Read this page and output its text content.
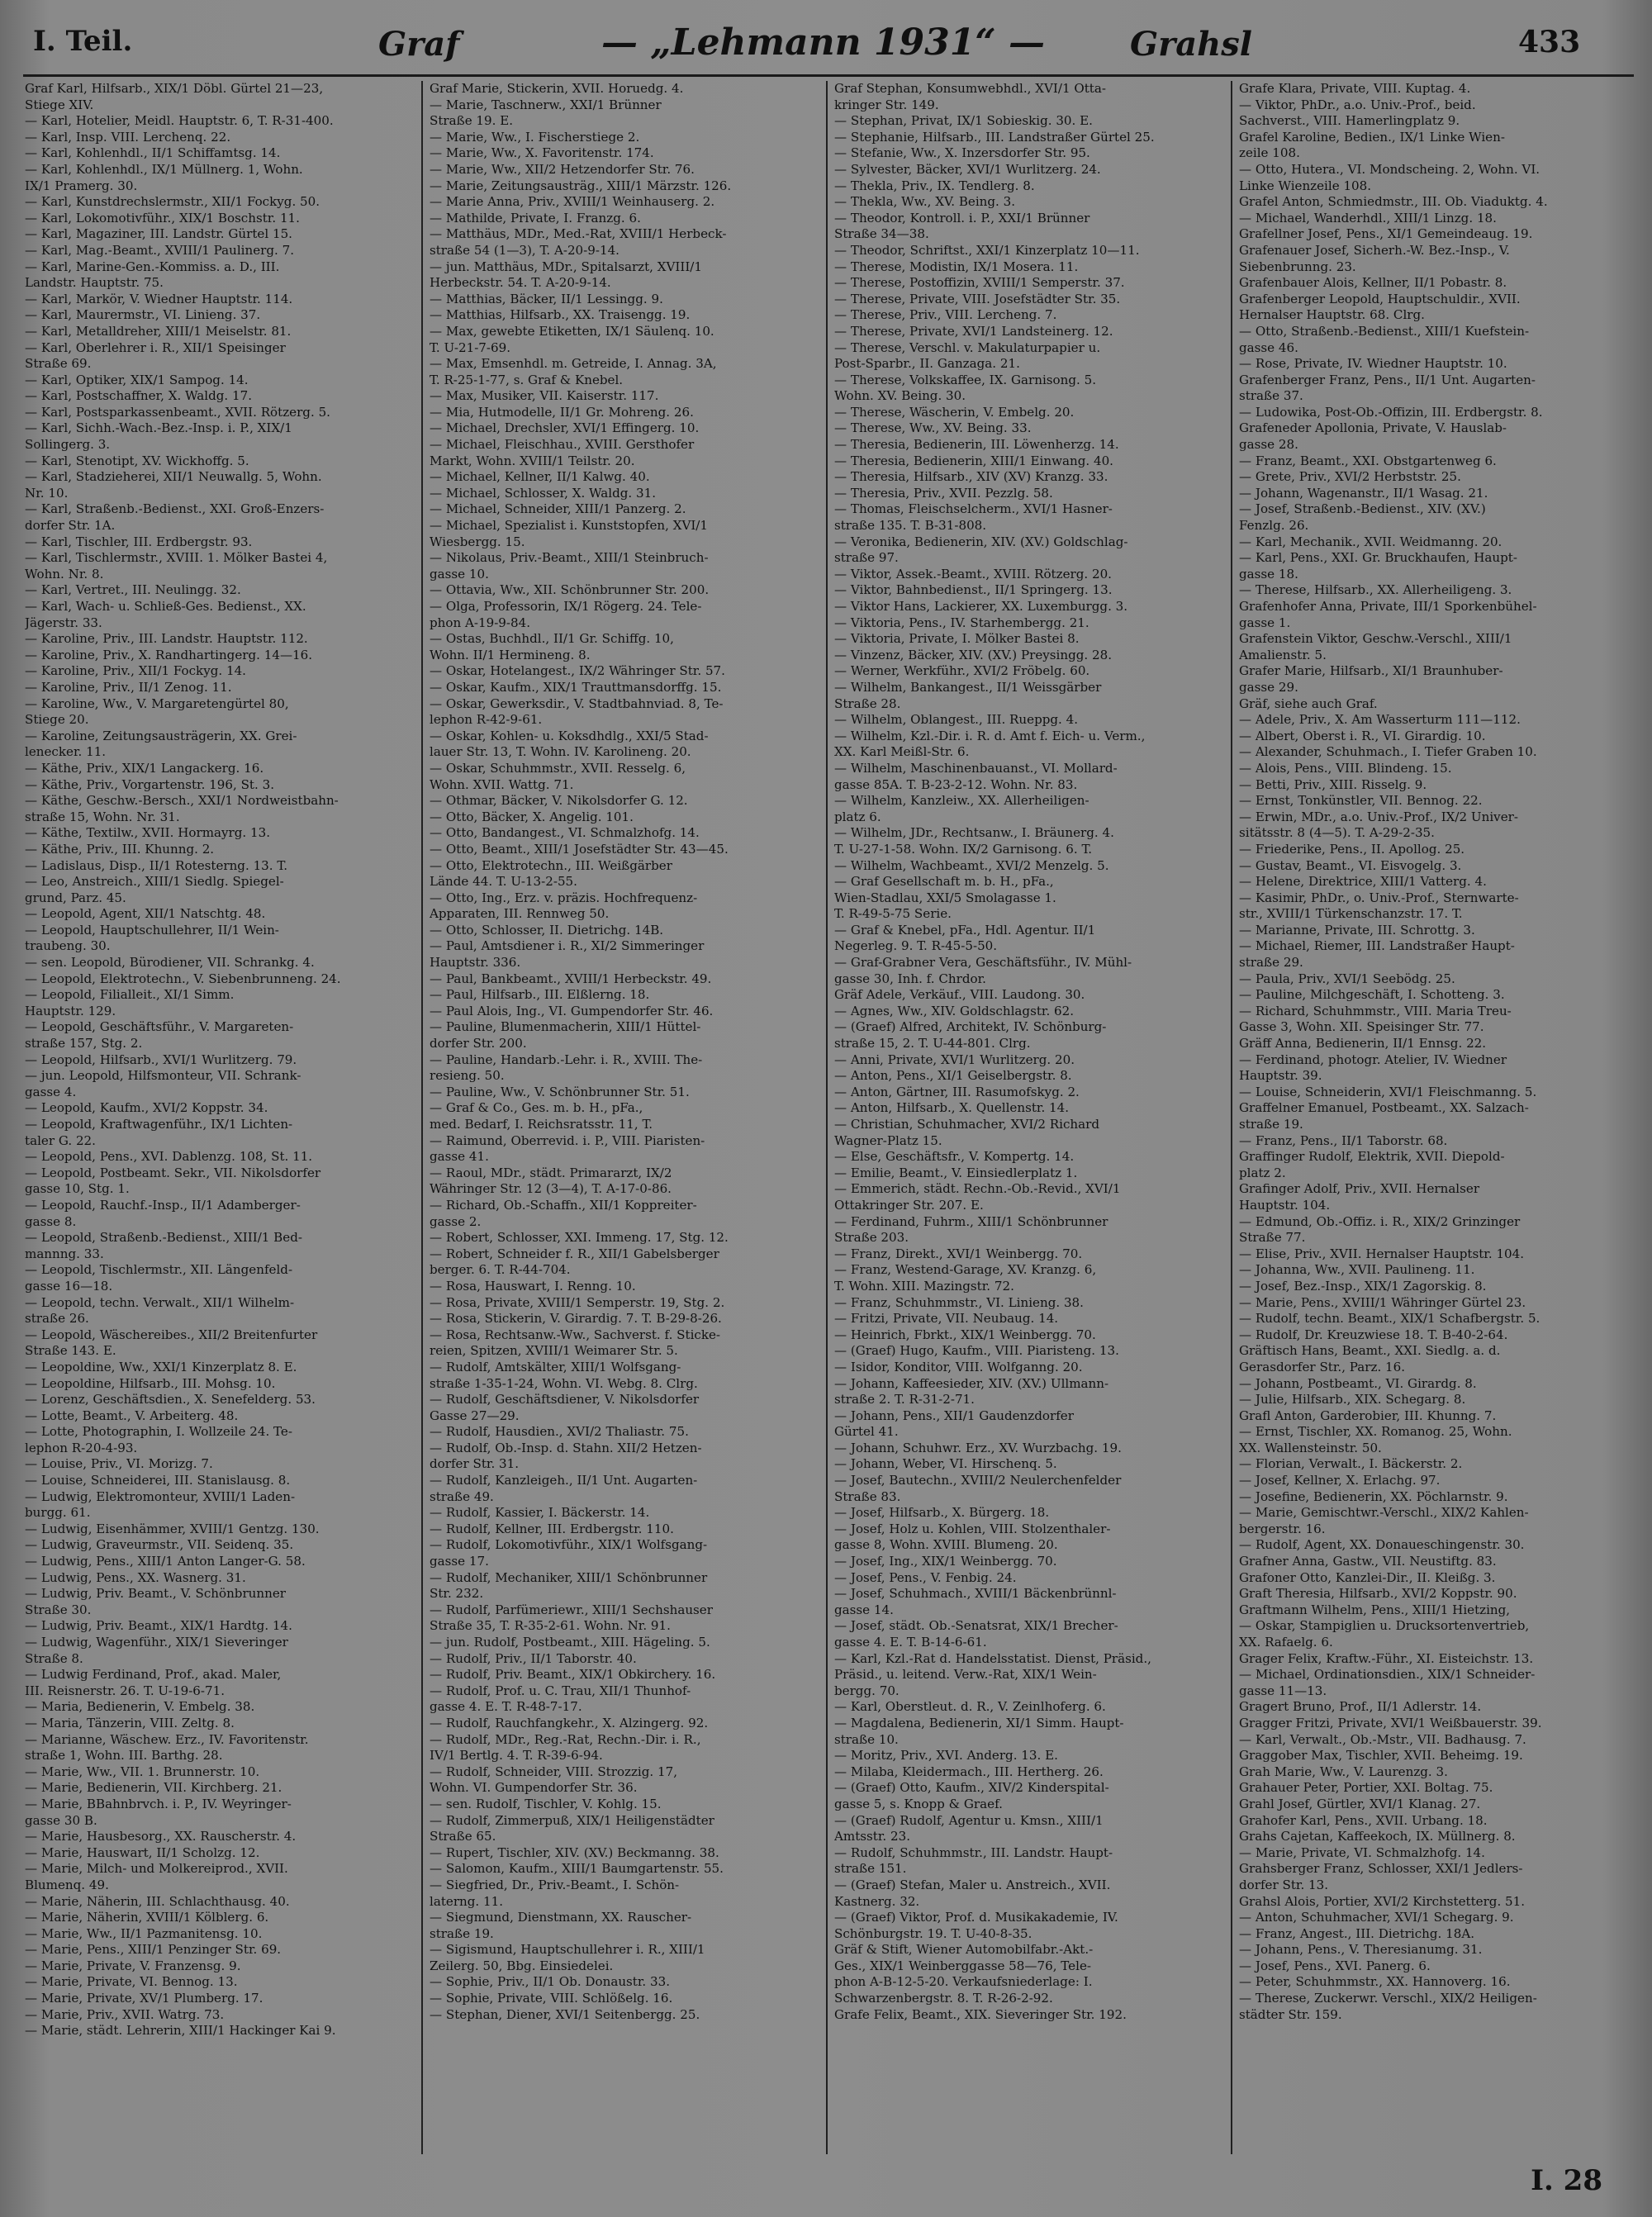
I. Teil.	Graf	— „Lehmann 1931“ —	Grahsl	433
Graf Karl, Hilfsarb., XIX/1 Döbl. Gürtel 21—23,
Stiege XIV.
— Karl, Hotelier, Meidl. Hauptstr. 6, T. R-31-400.
— Karl, Insp. VIII. Lerchenq. 22.
— Karl, Kohlenhdl., II/1 Schiffamtsg. 14.
— Karl, Kohlenhdl., IX/1 Müllnerg. 1, Wohn.
IX/1 Pramerg. 30.
— Karl, Kunstdrechslermstr., XII/1 Fockyg. 50.
— Karl, Lokomotivführ., XIX/1 Boschstr. 11.
— Karl, Magaziner, III. Landstr. Gürtel 15.
— Karl, Mag.-Beamt., XVIII/1 Paulinerg. 7.
— Karl, Marine-Gen.-Kommiss. a. D., III.
Landstr. Hauptstr. 75.
— Karl, Markör, V. Wiedner Hauptstr. 114.
— Karl, Maurermstr., VI. Linieng. 37.
— Karl, Metalldreher, XIII/1 Meiselstr. 81.
— Karl, Oberlehrer i. R., XII/1 Speisinger
Straße 69.
— Karl, Optiker, XIX/1 Sampog. 14.
— Karl, Postschaffner, X. Waldg. 17.
— Karl, Postsparkassenbeamt., XVII. Rötzerg. 5.
— Karl, Sichh.-Wach.-Bez.-Insp. i. P., XIX/1
Sollingerg. 3.
— Karl, Stenotipt, XV. Wickhoffg. 5.
— Karl, Stadzieherei, XII/1 Neuwallg. 5, Wohn.
Nr. 10.
— Karl, Straßenb.-Bedienst., XXI. Groß-Enzers-
dorfer Str. 1A.
— Karl, Tischler, III. Erdbergstr. 93.
— Karl, Tischlermstr., XVIII. 1. Mölker Bastei 4,
Wohn. Nr. 8.
— Karl, Vertret., III. Neulingg. 32.
— Karl, Wach- u. Schließ-Ges. Bedienst., XX.
Jägerstr. 33.
— Karoline, Priv., III. Landstr. Hauptstr. 112.
— Karoline, Priv., X. Randhartingerg. 14—16.
— Karoline, Priv., XII/1 Fockyg. 14.
— Karoline, Priv., II/1 Zenog. 11.
— Karoline, Ww., V. Margaretengürtel 80,
Stiege 20.
— Karoline, Zeitungsausträgerin, XX. Grei-
lenecker. 11.
— Käthe, Priv., XIX/1 Langackerg. 16.
— Käthe, Priv., Vorgartenstr. 196, St. 3.
— Käthe, Geschw.-Bersch., XXI/1 Nordweistbahn-
straße 15, Wohn. Nr. 31.
— Käthe, Textilw., XVII. Hormayrg. 13.
— Käthe, Priv., III. Khunng. 2.
— Ladislaus, Disp., II/1 Rotesterng. 13. T.
— Leo, Anstreich., XIII/1 Siedlg. Spiegel-
grund, Parz. 45.
— Leopold, Agent, XII/1 Natschtg. 48.
— Leopold, Hauptschullehrer, II/1 Wein-
traubeng. 30.
— sen. Leopold, Bürodiener, VII. Schrankg. 4.
— Leopold, Elektrotechn., V. Siebenbrunneng. 24.
— Leopold, Filialleit., XI/1 Simm.
Hauptstr. 129.
— Leopold, Geschäftsführ., V. Margareten-
straße 157, Stg. 2.
— Leopold, Hilfsarb., XVI/1 Wurlitzerg. 79.
— jun. Leopold, Hilfsmonteur, VII. Schrank-
gasse 4.
— Leopold, Kaufm., XVI/2 Koppstr. 34.
— Leopold, Kraftwagenführ., IX/1 Lichten-
taler G. 22.
— Leopold, Pens., XVI. Dablenzg. 108, St. 11.
— Leopold, Postbeamt. Sekr., VII. Nikolsdorfer
gasse 10, Stg. 1.
— Leopold, Rauchf.-Insp., II/1 Adamberger-
gasse 8.
— Leopold, Straßenb.-Bedienst., XIII/1 Bed-
mannng. 33.
— Leopold, Tischlermstr., XII. Längenfeld-
gasse 16—18.
— Leopold, techn. Verwalt., XII/1 Wilhelm-
straße 26.
— Leopold, Wäschereibes., XII/2 Breitenfurter
Straße 143. E.
— Leopoldine, Ww., XXI/1 Kinzerplatz 8. E.
— Leopoldine, Hilfsarb., III. Mohsg. 10.
— Lorenz, Geschäftsdien., X. Senefelderg. 53.
— Lotte, Beamt., V. Arbeiterg. 48.
— Lotte, Photographin, I. Wollzeile 24. Te-
lephon R-20-4-93.
— Louise, Priv., VI. Morizg. 7.
— Louise, Schneiderei, III. Stanislausg. 8.
— Ludwig, Elektromonteur, XVIII/1 Laden-
burgg. 61.
— Ludwig, Eisenhämmer, XVIII/1 Gentzg. 130.
— Ludwig, Graveurmstr., VII. Seidenq. 35.
— Ludwig, Pens., XIII/1 Anton Langer-G. 58.
— Ludwig, Pens., XX. Wasnerg. 31.
— Ludwig, Priv. Beamt., V. Schönbrunner
Straße 30.
— Ludwig, Priv. Beamt., XIX/1 Hardtg. 14.
— Ludwig, Wagenführ., XIX/1 Sieveringer
Straße 8.
— Ludwig Ferdinand, Prof., akad. Maler,
III. Reisnerstr. 26. T. U-19-6-71.
— Maria, Bedienerin, V. Embelg. 38.
— Maria, Tänzerin, VIII. Zeltg. 8.
— Marianne, Wäschew. Erz., IV. Favoritenstr.
straße 1, Wohn. III. Barthg. 28.
— Marie, Ww., VII. 1. Brunnerstr. 10.
— Marie, Bedienerin, VII. Kirchberg. 21.
— Marie, BBahnbrvch. i. P., IV. Weyringer-
gasse 30 B.
— Marie, Hausbesorg., XX. Rauscherstr. 4.
— Marie, Hauswart, II/1 Scholzg. 12.
— Marie, Milch- und Molkereiprod., XVII.
Blumenq. 49.
— Marie, Näherin, III. Schlachthausg. 40.
— Marie, Näherin, XVIII/1 Kölblerg. 6.
— Marie, Ww., II/1 Pazmanitensg. 10.
— Marie, Pens., XIII/1 Penzinger Str. 69.
— Marie, Private, V. Franzensg. 9.
— Marie, Private, VI. Bennog. 13.
— Marie, Private, XV/1 Plumberg. 17.
— Marie, Priv., XVII. Watrg. 73.
— Marie, städt. Lehrerin, XIII/1 Hackinger Kai 9.
Graf Marie, Stickerin, XVII. Horuedg. 4.
— Marie, Taschnerw., XXI/1 Brünner
Straße 19. E.
— Marie, Ww., I. Fischerstiege 2.
— Marie, Ww., X. Favoritenstr. 174.
— Marie, Ww., XII/2 Hetzendorfer Str. 76.
— Marie, Zeitungsausträg., XIII/1 Märzstr. 126.
— Marie Anna, Priv., XVIII/1 Weinhauserg. 2.
— Mathilde, Private, I. Franzg. 6.
— Matthäus, MDr., Med.-Rat, XVIII/1 Herbeck-
straße 54 (1—3), T. A-20-9-14.
— jun. Matthäus, MDr., Spitalsarzt, XVIII/1
Herbeckstr. 54. T. A-20-9-14.
— Matthias, Bäcker, II/1 Lessingg. 9.
— Matthias, Hilfsarb., XX. Traisengg. 19.
— Max, gewebte Etiketten, IX/1 Säulenq. 10.
T. U-21-7-69.
— Max, Emsenhdl. m. Getreide, I. Annag. 3A,
T. R-25-1-77, s. Graf & Knebel.
— Max, Musiker, VII. Kaiserstr. 117.
— Mia, Hutmodelle, II/1 Gr. Mohreng. 26.
— Michael, Drechsler, XVI/1 Effingerg. 10.
— Michael, Fleischhau., XVIII. Gersthofer
Markt, Wohn. XVIII/1 Teilstr. 20.
— Michael, Kellner, II/1 Kalwg. 40.
— Michael, Schlosser, X. Waldg. 31.
— Michael, Schneider, XIII/1 Panzerg. 2.
— Michael, Spezialist i. Kunststopfen, XVI/1
Wiesbergg. 15.
— Nikolaus, Priv.-Beamt., XIII/1 Steinbruch-
gasse 10.
— Ottavia, Ww., XII. Schönbrunner Str. 200.
— Olga, Professorin, IX/1 Rögerg. 24. Tele-
phon A-19-9-84.
— Ostas, Buchhdl., II/1 Gr. Schiffg. 10,
Wohn. II/1 Hermineng. 8.
— Oskar, Hotelangest., IX/2 Währinger Str. 57.
— Oskar, Kaufm., XIX/1 Trauttmansdorffg. 15.
— Oskar, Gewerksdir., V. Stadtbahnviad. 8, Te-
lephon R-42-9-61.
— Oskar, Kohlen- u. Koksdhdlg., XXI/5 Stad-
lauer Str. 13, T. Wohn. IV. Karolineng. 20.
— Oskar, Schuhmmstr., XVII. Resselg. 6,
Wohn. XVII. Wattg. 71.
— Othmar, Bäcker, V. Nikolsdorfer G. 12.
— Otto, Bäcker, X. Angelig. 101.
— Otto, Bandangest., VI. Schmalzhofg. 14.
— Otto, Beamt., XIII/1 Josefstädter Str. 43—45.
— Otto, Elektrotechn., III. Weißgärber
Lände 44. T. U-13-2-55.
— Otto, Ing., Erz. v. präzis. Hochfrequenz-
Apparaten, III. Rennweg 50.
— Otto, Schlosser, II. Dietrichg. 14B.
— Paul, Amtsdiener i. R., XI/2 Simmeringer
Hauptstr. 336.
— Paul, Bankbeamt., XVIII/1 Herbeckstr. 49.
— Paul, Hilfsarb., III. Elßlerng. 18.
— Paul Alois, Ing., VI. Gumpendorfer Str. 46.
— Pauline, Blumenmacherin, XIII/1 Hüttel-
dorfer Str. 200.
— Pauline, Handarb.-Lehr. i. R., XVIII. The-
resieng. 50.
— Pauline, Ww., V. Schönbrunner Str. 51.
— Graf & Co., Ges. m. b. H., pFa.,
med. Bedarf, I. Reichsratsstr. 11, T.
— Raimund, Oberrevid. i. P., VIII. Piaristen-
gasse 41.
— Raoul, MDr., städt. Primararzt, IX/2
Währinger Str. 12 (3—4), T. A-17-0-86.
— Richard, Ob.-Schaffn., XII/1 Koppreiter-
gasse 2.
— Robert, Schlosser, XXI. Immeng. 17, Stg. 12.
— Robert, Schneider f. R., XII/1 Gabelsberger
berger. 6. T. R-44-704.
— Rosa, Hauswart, I. Renng. 10.
— Rosa, Private, XVIII/1 Semperstr. 19, Stg. 2.
— Rosa, Stickerin, V. Girardig. 7. T. B-29-8-26.
— Rosa, Rechtsanw.-Ww., Sachverst. f. Sticke-
reien, Spitzen, XVIII/1 Weimarer Str. 5.
— Rudolf, Amtskälter, XIII/1 Wolfsgang-
straße 1-35-1-24, Wohn. VI. Webg. 8. Clrg.
— Rudolf, Geschäftsdiener, V. Nikolsdorfer
Gasse 27—29.
— Rudolf, Hausdien., XVI/2 Thaliastr. 75.
— Rudolf, Ob.-Insp. d. Stahn. XII/2 Hetzen-
dorfer Str. 31.
— Rudolf, Kanzleigeh., II/1 Unt. Augarten-
straße 49.
— Rudolf, Kassier, I. Bäckerstr. 14.
— Rudolf, Kellner, III. Erdbergstr. 110.
— Rudolf, Lokomotivführ., XIX/1 Wolfsgang-
gasse 17.
— Rudolf, Mechaniker, XIII/1 Schönbrunner
Str. 232.
— Rudolf, Parfümeriewr., XIII/1 Sechshauser
Straße 35, T. R-35-2-61. Wohn. Nr. 91.
— jun. Rudolf, Postbeamt., XIII. Hägeling. 5.
— Rudolf, Priv., II/1 Taborstr. 40.
— Rudolf, Priv. Beamt., XIX/1 Obkirchery. 16.
— Rudolf, Prof. u. C. Trau, XII/1 Thunhof-
gasse 4. E. T. R-48-7-17.
— Rudolf, Rauchfangkehr., X. Alzingerg. 92.
— Rudolf, MDr., Reg.-Rat, Rechn.-Dir. i. R.,
IV/1 Bertlg. 4. T. R-39-6-94.
— Rudolf, Schneider, VIII. Strozzig. 17,
Wohn. VI. Gumpendorfer Str. 36.
— sen. Rudolf, Tischler, V. Kohlg. 15.
— Rudolf, Zimmerpuß, XIX/1 Heiligenstädter
Straße 65.
— Rupert, Tischler, XIV. (XV.) Beckmanng. 38.
— Salomon, Kaufm., XIII/1 Baumgartenstr. 55.
— Siegfried, Dr., Priv.-Beamt., I. Schön-
laterng. 11.
— Siegmund, Dienstmann, XX. Rauscher-
straße 19.
— Sigismund, Hauptschullehrer i. R., XIII/1
Zeilerg. 50, Bbg. Einsiedelei.
— Sophie, Priv., II/1 Ob. Donaustr. 33.
— Sophie, Private, VIII. Schlößelg. 16.
— Stephan, Diener, XVI/1 Seitenbergg. 25.
Graf Stephan, Konsumwebhdl., XVI/1 Otta-
kringer Str. 149.
— Stephan, Privat, IX/1 Sobieskig. 30. E.
— Stephanie, Hilfsarb., III. Landstraßer Gürtel 25.
— Stefanie, Ww., X. Inzersdorfer Str. 95.
— Sylvester, Bäcker, XVI/1 Wurlitzerg. 24.
— Thekla, Priv., IX. Tendlerg. 8.
— Thekla, Ww., XV. Being. 3.
— Theodor, Kontroll. i. P., XXI/1 Brünner
Straße 34—38.
— Theodor, Schriftst., XXI/1 Kinzerplatz 10—11.
— Therese, Modistin, IX/1 Mosera. 11.
— Therese, Postoffizin, XVIII/1 Semperstr. 37.
— Therese, Private, VIII. Josefstädter Str. 35.
— Therese, Priv., VIII. Lercheng. 7.
— Therese, Private, XVI/1 Landsteinerg. 12.
— Therese, Verschl. v. Makulaturpapier u.
Post-Sparbr., II. Ganzaga. 21.
— Therese, Volkskaffee, IX. Garnisong. 5.
Wohn. XV. Being. 30.
— Therese, Wäscherin, V. Embelg. 20.
— Therese, Ww., XV. Being. 33.
— Theresia, Bedienerin, III. Löwenherzg. 14.
— Theresia, Bedienerin, XIII/1 Einwang. 40.
— Theresia, Hilfsarb., XIV (XV) Kranzg. 33.
— Theresia, Priv., XVII. Pezzlg. 58.
— Thomas, Fleischselcherm., XVI/1 Hasner-
straße 135. T. B-31-808.
— Veronika, Bedienerin, XIV. (XV.) Goldschlag-
straße 97.
— Viktor, Assek.-Beamt., XVIII. Rötzerg. 20.
— Viktor, Bahnbedienst., II/1 Springerg. 13.
— Viktor Hans, Lackierer, XX. Luxemburgg. 3.
— Viktoria, Pens., IV. Starhembergg. 21.
— Viktoria, Private, I. Mölker Bastei 8.
— Vinzenz, Bäcker, XIV. (XV.) Preysingg. 28.
— Werner, Werkführ., XVI/2 Fröbelg. 60.
— Wilhelm, Bankangest., II/1 Weissgärber
Straße 28.
— Wilhelm, Oblangest., III. Rueppg. 4.
— Wilhelm, Kzl.-Dir. i. R. d. Amt f. Eich- u. Verm.,
XX. Karl Meißl-Str. 6.
— Wilhelm, Maschinenbauanst., VI. Mollard-
gasse 85A. T. B-23-2-12. Wohn. Nr. 83.
— Wilhelm, Kanzleiw., XX. Allerheiligen-
platz 6.
— Wilhelm, JDr., Rechtsanw., I. Bräunerg. 4.
T. U-27-1-58. Wohn. IX/2 Garnisong. 6. T.
— Wilhelm, Wachbeamt., XVI/2 Menzelg. 5.
— Graf Gesellschaft m. b. H., pFa.,
Wien-Stadlau, XXI/5 Smolagasse 1.
T. R-49-5-75 Serie.
— Graf & Knebel, pFa., Hdl. Agentur. II/1
Negerleg. 9. T. R-45-5-50.
— Graf-Grabner Vera, Geschäftsführ., IV. Mühl-
gasse 30, Inh. f. Chrdor.
Gräf Adele, Verkäuf., VIII. Laudong. 30.
— Agnes, Ww., XIV. Goldschlagstr. 62.
— (Graef) Alfred, Architekt, IV. Schönburg-
straße 15, 2. T. U-44-801. Clrg.
— Anni, Private, XVI/1 Wurlitzerg. 20.
— Anton, Pens., XI/1 Geiselbergstr. 8.
— Anton, Gärtner, III. Rasumofskyg. 2.
— Anton, Hilfsarb., X. Quellenstr. 14.
— Christian, Schuhmacher, XVI/2 Richard
Wagner-Platz 15.
— Else, Geschäftsfr., V. Kompertg. 14.
— Emilie, Beamt., V. Einsiedlerplatz 1.
— Emmerich, städt. Rechn.-Ob.-Revid., XVI/1
Ottakringer Str. 207. E.
— Ferdinand, Fuhrm., XIII/1 Schönbrunner
Straße 203.
— Franz, Direkt., XVI/1 Weinbergg. 70.
— Franz, Westend-Garage, XV. Kranzg. 6,
T. Wohn. XIII. Mazingstr. 72.
— Franz, Schuhmmstr., VI. Linieng. 38.
— Fritzi, Private, VII. Neubaug. 14.
— Heinrich, Fbrkt., XIX/1 Weinbergg. 70.
— (Graef) Hugo, Kaufm., VIII. Piaristeng. 13.
— Isidor, Konditor, VIII. Wolfganng. 20.
— Johann, Kaffeesieder, XIV. (XV.) Ullmann-
straße 2. T. R-31-2-71.
— Johann, Pens., XII/1 Gaudenzdorfer
Gürtel 41.
— Johann, Schuhwr. Erz., XV. Wurzbachg. 19.
— Johann, Weber, VI. Hirschenq. 5.
— Josef, Bautechn., XVIII/2 Neulerchenfelder
Straße 83.
— Josef, Hilfsarb., X. Bürgerg. 18.
— Josef, Holz u. Kohlen, VIII. Stolzenthaler-
gasse 8, Wohn. XVIII. Blumeng. 20.
— Josef, Ing., XIX/1 Weinbergg. 70.
— Josef, Pens., V. Fenbig. 24.
— Josef, Schuhmach., XVIII/1 Bäckenbrünnl-
gasse 14.
— Josef, städt. Ob.-Senatsrat, XIX/1 Brecher-
gasse 4. E. T. B-14-6-61.
— Karl, Kzl.-Rat d. Handelsstatist. Dienst, Präsid.,
Präsid., u. leitend. Verw.-Rat, XIX/1 Wein-
bergg. 70.
— Karl, Oberstleut. d. R., V. Zeinlhoferg. 6.
— Magdalena, Bedienerin, XI/1 Simm. Haupt-
straße 10.
— Moritz, Priv., XVI. Anderg. 13. E.
— Milaba, Kleidermach., III. Hertherg. 26.
— (Graef) Otto, Kaufm., XIV/2 Kinderspital-
gasse 5, s. Knopp & Graef.
— (Graef) Rudolf, Agentur u. Kmsn., XIII/1
Amtsstr. 23.
— Rudolf, Schuhmmstr., III. Landstr. Haupt-
straße 151.
— (Graef) Stefan, Maler u. Anstreich., XVII.
Kastnerg. 32.
— (Graef) Viktor, Prof. d. Musikakademie, IV.
Schönburgstr. 19. T. U-40-8-35.
Gräf & Stift, Wiener Automobilfabr.-Akt.-
Ges., XIX/1 Weinberggasse 58—76, Tele-
phon A-B-12-5-20. Verkaufsniederlage: I.
Schwarzenbergstr. 8. T. R-26-2-92.
Grafe Felix, Beamt., XIX. Sieveringer Str. 192.
Grafe Klara, Private, VIII. Kuptag. 4.
— Viktor, PhDr., a.o. Univ.-Prof., beid.
Sachverst., VIII. Hamerlingplatz 9.
Grafel Karoline, Bedien., IX/1 Linke Wien-
zeile 108.
— Otto, Hutera., VI. Mondscheing. 2, Wohn. VI.
Linke Wienzeile 108.
Grafel Anton, Schmiedmstr., III. Ob. Viaduktg. 4.
— Michael, Wanderhdl., XIII/1 Linzg. 18.
Grafellner Josef, Pens., XI/1 Gemeindeaug. 19.
Grafenauer Josef, Sicherh.-W. Bez.-Insp., V.
Siebenbrunng. 23.
Grafenbauer Alois, Kellner, II/1 Pobastr. 8.
Grafenberger Leopold, Hauptschuldir., XVII.
Hernalser Hauptstr. 68. Clrg.
— Otto, Straßenb.-Bedienst., XIII/1 Kuefstein-
gasse 46.
— Rose, Private, IV. Wiedner Hauptstr. 10.
Grafenberger Franz, Pens., II/1 Unt. Augarten-
straße 37.
— Ludowika, Post-Ob.-Offizin, III. Erdbergstr. 8.
Grafeneder Apollonia, Private, V. Hauslab-
gasse 28.
— Franz, Beamt., XXI. Obstgartenweg 6.
— Grete, Priv., XVI/2 Herbststr. 25.
— Johann, Wagenanstr., II/1 Wasag. 21.
— Josef, Straßenb.-Bedienst., XIV. (XV.)
Fenzlg. 26.
— Karl, Mechanik., XVII. Weidmanng. 20.
— Karl, Pens., XXI. Gr. Bruckhaufen, Haupt-
gasse 18.
— Therese, Hilfsarb., XX. Allerheiligeng. 3.
Grafenhofer Anna, Private, III/1 Sporkenbühel-
gasse 1.
Grafenstein Viktor, Geschw.-Verschl., XIII/1
Amalienstr. 5.
Grafer Marie, Hilfsarb., XI/1 Braunhuber-
gasse 29.
Gräf, siehe auch Graf.
— Adele, Priv., X. Am Wasserturm 111—112.
— Albert, Oberst i. R., VI. Girardig. 10.
— Alexander, Schuhmach., I. Tiefer Graben 10.
— Alois, Pens., VIII. Blindeng. 15.
— Betti, Priv., XIII. Risselg. 9.
— Ernst, Tonkünstler, VII. Bennog. 22.
— Erwin, MDr., a.o. Univ.-Prof., IX/2 Univer-
sitätsstr. 8 (4—5). T. A-29-2-35.
— Friederike, Pens., II. Apollog. 25.
— Gustav, Beamt., VI. Eisvogelg. 3.
— Helene, Direktrice, XIII/1 Vatterg. 4.
— Kasimir, PhDr., o. Univ.-Prof., Sternwarte-
str., XVIII/1 Türkenschanzstr. 17. T.
— Marianne, Private, III. Schrottg. 3.
— Michael, Riemer, III. Landstraßer Haupt-
straße 29.
— Paula, Priv., XVI/1 Seebödg. 25.
— Pauline, Milchgeschäft, I. Schotteng. 3.
— Richard, Schuhmmstr., VIII. Maria Treu-
Gasse 3, Wohn. XII. Speisinger Str. 77.
Gräff Anna, Bedienerin, II/1 Ennsg. 22.
— Ferdinand, photogr. Atelier, IV. Wiedner
Hauptstr. 39.
— Louise, Schneiderin, XVI/1 Fleischmanng. 5.
Graffelner Emanuel, Postbeamt., XX. Salzach-
straße 19.
— Franz, Pens., II/1 Taborstr. 68.
Graffinger Rudolf, Elektrik, XVII. Diepold-
platz 2.
Grafinger Adolf, Priv., XVII. Hernalser
Hauptstr. 104.
— Edmund, Ob.-Offiz. i. R., XIX/2 Grinzinger
Straße 77.
— Elise, Priv., XVII. Hernalser Hauptstr. 104.
— Johanna, Ww., XVII. Paulineng. 11.
— Josef, Bez.-Insp., XIX/1 Zagorskig. 8.
— Marie, Pens., XVIII/1 Währinger Gürtel 23.
— Rudolf, techn. Beamt., XIX/1 Schafbergstr. 5.
— Rudolf, Dr. Kreuzwiese 18. T. B-40-2-64.
Gräftisch Hans, Beamt., XXI. Siedlg. a. d.
Gerasdorfer Str., Parz. 16.
— Johann, Postbeamt., VI. Girardg. 8.
— Julie, Hilfsarb., XIX. Schegarg. 8.
Grafl Anton, Garderobier, III. Khunng. 7.
— Ernst, Tischler, XX. Romanog. 25, Wohn.
XX. Wallensteinstr. 50.
— Florian, Verwalt., I. Bäckerstr. 2.
— Josef, Kellner, X. Erlachg. 97.
— Josefine, Bedienerin, XX. Pöchlarnstr. 9.
— Marie, Gemischtwr.-Verschl., XIX/2 Kahlen-
bergerstr. 16.
— Rudolf, Agent, XX. Donaueschingenstr. 30.
Grafner Anna, Gastw., VII. Neustiftg. 83.
Grafoner Otto, Kanzlei-Dir., II. Kleißg. 3.
Graft Theresia, Hilfsarb., XVI/2 Koppstr. 90.
Graftmann Wilhelm, Pens., XIII/1 Hietzing,
— Oskar, Stampiglien u. Drucksortenvertrieb,
XX. Rafaelg. 6.
Grager Felix, Kraftw.-Führ., XI. Eisteichstr. 13.
— Michael, Ordinationsdien., XIX/1 Schneider-
gasse 11—13.
Gragert Bruno, Prof., II/1 Adlerstr. 14.
Gragger Fritzi, Private, XVI/1 Weißbauerstr. 39.
— Karl, Verwalt., Ob.-Mstr., VII. Badhausg. 7.
Graggober Max, Tischler, XVII. Beheimg. 19.
Grah Marie, Ww., V. Laurenzg. 3.
Grahauer Peter, Portier, XXI. Boltag. 75.
Grahl Josef, Gürtler, XVI/1 Klanag. 27.
Grahofer Karl, Pens., XVII. Urbang. 18.
Grahs Cajetan, Kaffeekoch, IX. Müllnerg. 8.
— Marie, Private, VI. Schmalzhofg. 14.
Grahsberger Franz, Schlosser, XXI/1 Jedlers-
dorfer Str. 13.
Grahsl Alois, Portier, XVI/2 Kirchstetterg. 51.
— Anton, Schuhmacher, XVI/1 Schegarg. 9.
— Franz, Angest., III. Dietrichg. 18A.
— Johann, Pens., V. Theresianumg. 31.
— Josef, Pens., XVI. Panerg. 6.
— Peter, Schuhmmstr., XX. Hannoverg. 16.
— Therese, Zuckerwr. Verschl., XIX/2 Heiligen-
städter Str. 159.
I. 28
